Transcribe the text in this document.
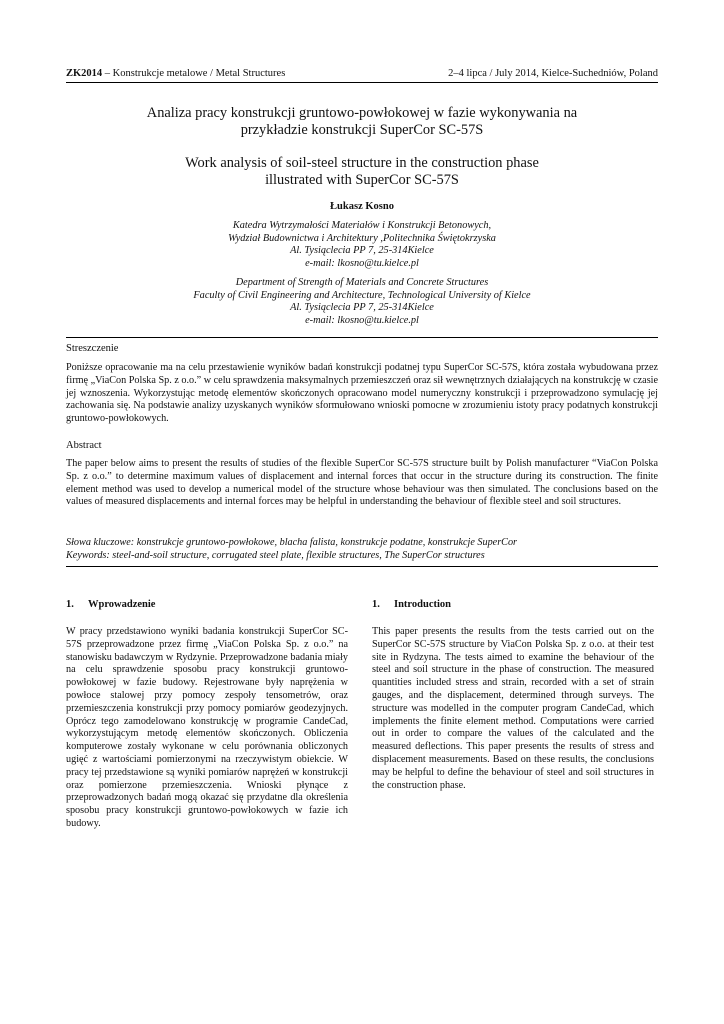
ZK2014 – Konstrukcje metalowe / Metal Structures	2–4 lipca / July 2014, Kielce-Suchedniów, Poland
Analiza pracy konstrukcji gruntowo-powłokowej w fazie wykonywania na
przykładzie konstrukcji SuperCor SC-57S
Work analysis of soil-steel structure in the construction phase
illustrated with SuperCor SC-57S
Łukasz Kosno
Katedra Wytrzymałości Materiałów i Konstrukcji Betonowych,
Wydział Budownictwa i Architektury ,Politechnika Świętokrzyska
Al. Tysiąclecia PP 7, 25-314Kielce
e-mail: lkosno@tu.kielce.pl
Department of Strength of Materials and Concrete Structures
Faculty of Civil Engineering and Architecture, Technological University of Kielce
Al. Tysiąclecia PP 7, 25-314Kielce
e-mail: lkosno@tu.kielce.pl
Streszczenie
Poniższe opracowanie ma na celu przestawienie wyników badań konstrukcji podatnej typu SuperCor SC-57S, która została wybudowana przez firmę „ViaCon Polska Sp. z o.o.” w celu sprawdzenia maksymalnych przemieszczeń oraz sił wewnętrznych działających na konstrukcję w czasie jej wznoszenia. Wykorzystując metodę elementów skończonych opracowano model numeryczny konstrukcji i przeprowadzono symulację jej zachowania się. Na podstawie analizy uzyskanych wyników sformułowano wnioski pomocne w zrozumieniu istoty pracy podatnych konstrukcji gruntowo-powłokowych.
Abstract
The paper below aims to present the results of studies of the flexible SuperCor SC-57S structure built by Polish manufacturer “ViaCon Polska Sp. z o.o.” to determine maximum values of displacement and internal forces that occur in the structure during its construction. The finite element method was used to develop a numerical model of the structure whose behaviour was then simulated. The conclusions based on the values of measured displacements and internal forces may be helpful in understanding the behaviour of flexible steel and soil structures.
Słowa kluczowe: konstrukcje gruntowo-powłokowe, blacha falista, konstrukcje podatne, konstrukcje SuperCor
Keywords: steel-and-soil structure, corrugated steel plate, flexible structures, The SuperCor structures
1. Wprowadzenie

W pracy przedstawiono wyniki badania konstrukcji SuperCor SC-57S przeprowadzone przez firmę „ViaCon Polska Sp. z o.o.” na stanowisku badawczym w Rydzynie. Przeprowadzone badania miały na celu sprawdzenie sposobu pracy konstrukcji gruntowo-powłokowej w fazie budowy. Rejestrowane były naprężenia w powłoce stalowej przy pomocy zespoły tensometrów, oraz przemieszczenia konstrukcji przy pomocy pomiarów geodezyjnych. Oprócz tego zamodelowano konstrukcję w programie CandeCad, wykorzystującym metodę elementów skończonych. Obliczenia komputerowe zostały wykonane w celu porównania obliczonych ugięć z wartościami pomierzonymi na rzeczywistym obiekcie. W pracy tej przedstawione są wyniki pomiarów naprężeń w konstrukcji oraz pomierzone przemieszczenia. Wnioski płynące z przeprowadzonych badań mogą okazać się przydatne dla określenia sposobu pracy konstrukcji gruntowo-powłokowych w fazie ich budowy.

1. Introduction

This paper presents the results from the tests carried out on the SuperCor SC-57S structure by ViaCon Polska Sp. z o.o. at their test site in Rydzyna. The tests aimed to examine the behaviour of the steel and soil structure in the phase of construction. The measured quantities included stress and strain, recorded with a set of strain gauges, and the displacement, determined through surveys. The structure was modelled in the computer program CandeCad, which implements the finite element method. Computations were carried out in order to compare the values of the calculated and the measured deflections. This paper presents the results of stress and displacement measurements. Based on these results, the conclusions may be helpful to define the behaviour of steel and soil structures in the construction phase.
